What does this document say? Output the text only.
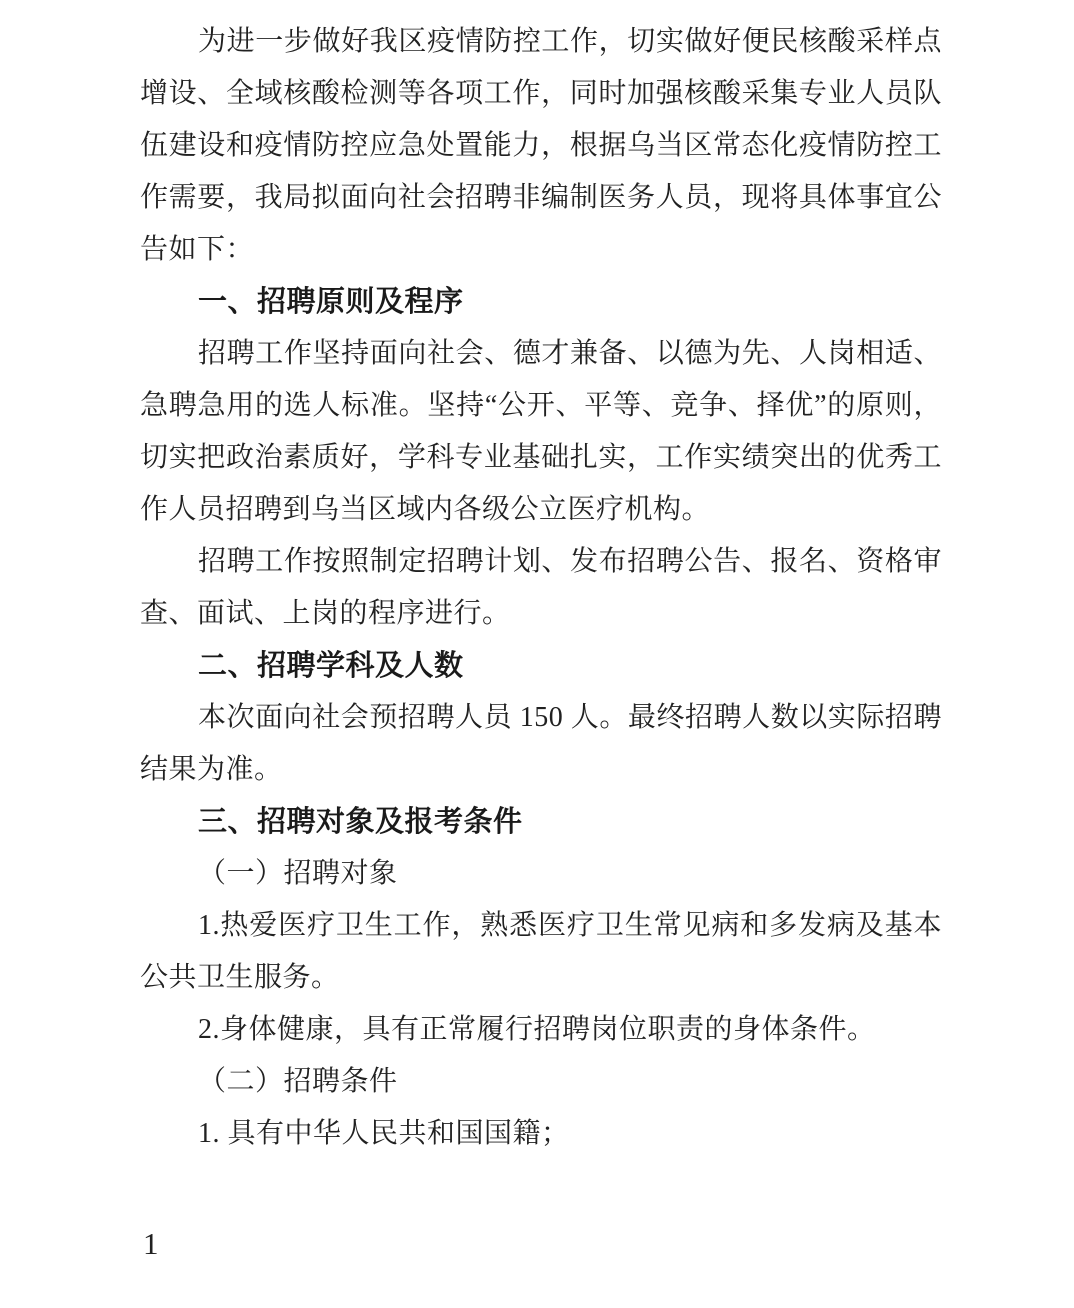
为进一步做好我区疫情防控工作，切实做好便民核酸采样点增设、全域核酸检测等各项工作，同时加强核酸采集专业人员队伍建设和疫情防控应急处置能力，根据乌当区常态化疫情防控工作需要，我局拟面向社会招聘非编制医务人员，现将具体事宜公告如下：

一、招聘原则及程序

招聘工作坚持面向社会、德才兼备、以德为先、人岗相适、急聘急用的选人标准。坚持“公开、平等、竞争、择优”的原则，切实把政治素质好，学科专业基础扎实，工作实绩突出的优秀工作人员招聘到乌当区域内各级公立医疗机构。

招聘工作按照制定招聘计划、发布招聘公告、报名、资格审查、面试、上岗的程序进行。

二、招聘学科及人数

本次面向社会预招聘人员 150 人。最终招聘人数以实际招聘结果为准。

三、招聘对象及报考条件

（一）招聘对象

1.热爱医疗卫生工作，熟悉医疗卫生常见病和多发病及基本公共卫生服务。

2.身体健康，具有正常履行招聘岗位职责的身体条件。

（二）招聘条件

1. 具有中华人民共和国国籍；

1
